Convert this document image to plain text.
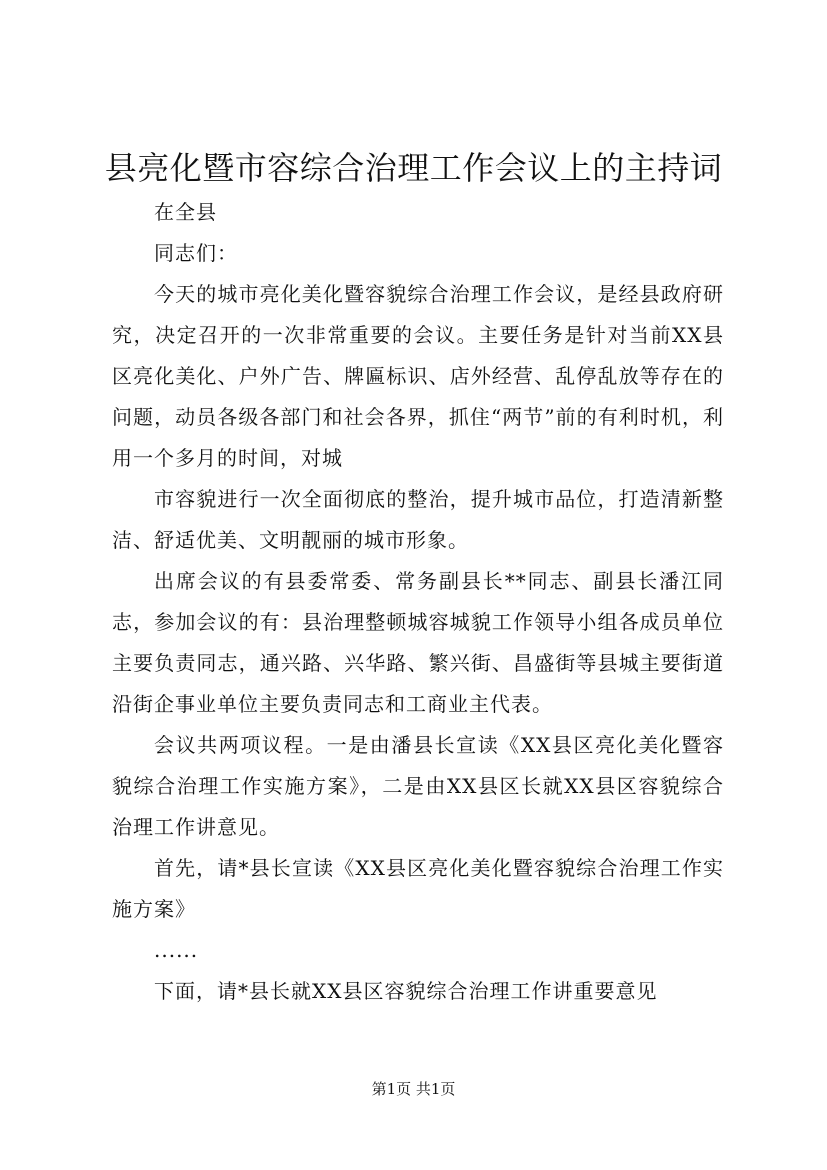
县亮化暨市容综合治理工作会议上的主持词

在全县

同志们：

今天的城市亮化美化暨容貌综合治理工作会议，是经县政府研究，决定召开的一次非常重要的会议。主要任务是针对当前XX县区亮化美化、户外广告、牌匾标识、店外经营、乱停乱放等存在的问题，动员各级各部门和社会各界，抓住“两节”前的有利时机，利用一个多月的时间，对城

市容貌进行一次全面彻底的整治，提升城市品位，打造清新整洁、舒适优美、文明靓丽的城市形象。

出席会议的有县委常委、常务副县长**同志、副县长潘江同志，参加会议的有：县治理整顿城容城貌工作领导小组各成员单位主要负责同志，通兴路、兴华路、繁兴街、昌盛街等县城主要街道沿街企事业单位主要负责同志和工商业主代表。

会议共两项议程。一是由潘县长宣读《XX县区亮化美化暨容貌综合治理工作实施方案》，二是由XX县区长就XX县区容貌综合治理工作讲意见。

首先，请*县长宣读《XX县区亮化美化暨容貌综合治理工作实施方案》

......

下面，请*县长就XX县区容貌综合治理工作讲重要意见

第1页 共1页
